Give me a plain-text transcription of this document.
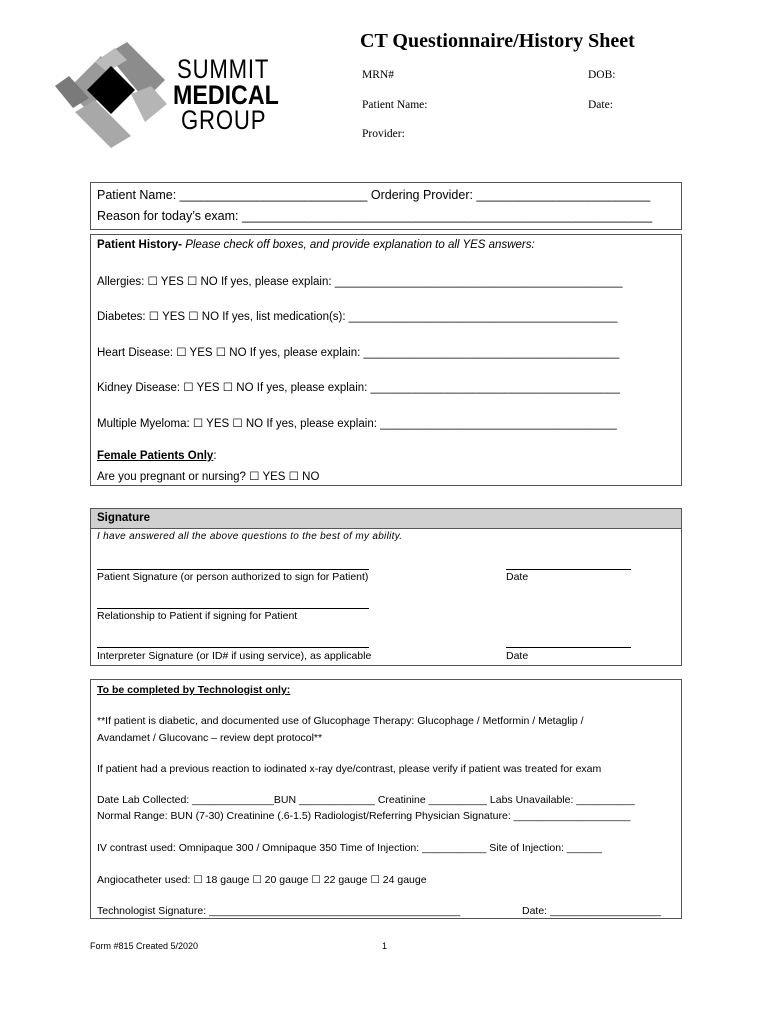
SUMMIT
MEDICAL
GROUP
CT Questionnaire/History Sheet
MRN#	DOB:
Patient Name:	Date:
Provider:
Patient Name: ___________________________ Ordering Provider: _________________________
Reason for today’s exam: ___________________________________________________________
Patient History- Please check off boxes, and provide explanation to all YES answers:
Allergies: ☐ YES ☐ NO If yes, please explain: _____________________________________________
Diabetes: ☐ YES ☐ NO If yes, list medication(s): __________________________________________
Heart Disease: ☐ YES ☐ NO If yes, please explain: ________________________________________
Kidney Disease: ☐ YES ☐ NO If yes, please explain: _______________________________________
Multiple Myeloma: ☐ YES ☐ NO If yes, please explain: _____________________________________
Female Patients Only:
Are you pregnant or nursing? ☐ YES ☐ NO
Signature
I have answered all the above questions to the best of my ability.
Patient Signature (or person authorized to sign for Patient)	Date
Relationship to Patient if signing for Patient
Interpreter Signature (or ID# if using service), as applicable	Date
To be completed by Technologist only:
**If patient is diabetic, and documented use of Glucophage Therapy: Glucophage / Metformin / Metaglip /
Avandamet / Glucovanc – review dept protocol**
If patient had a previous reaction to iodinated x-ray dye/contrast, please verify if patient was treated for exam
Date Lab Collected: ______________BUN _____________ Creatinine __________ Labs Unavailable: __________
Normal Range: BUN (7-30) Creatinine (.6-1.5) Radiologist/Referring Physician Signature: ____________________
IV contrast used: Omnipaque 300 / Omnipaque 350 Time of Injection: ___________ Site of Injection: ______
Angiocatheter used: ☐ 18 gauge ☐ 20 gauge ☐ 22 gauge ☐ 24 gauge
Technologist Signature: ___________________________________________	Date: ___________________
Form #815 Created 5/2020	1
